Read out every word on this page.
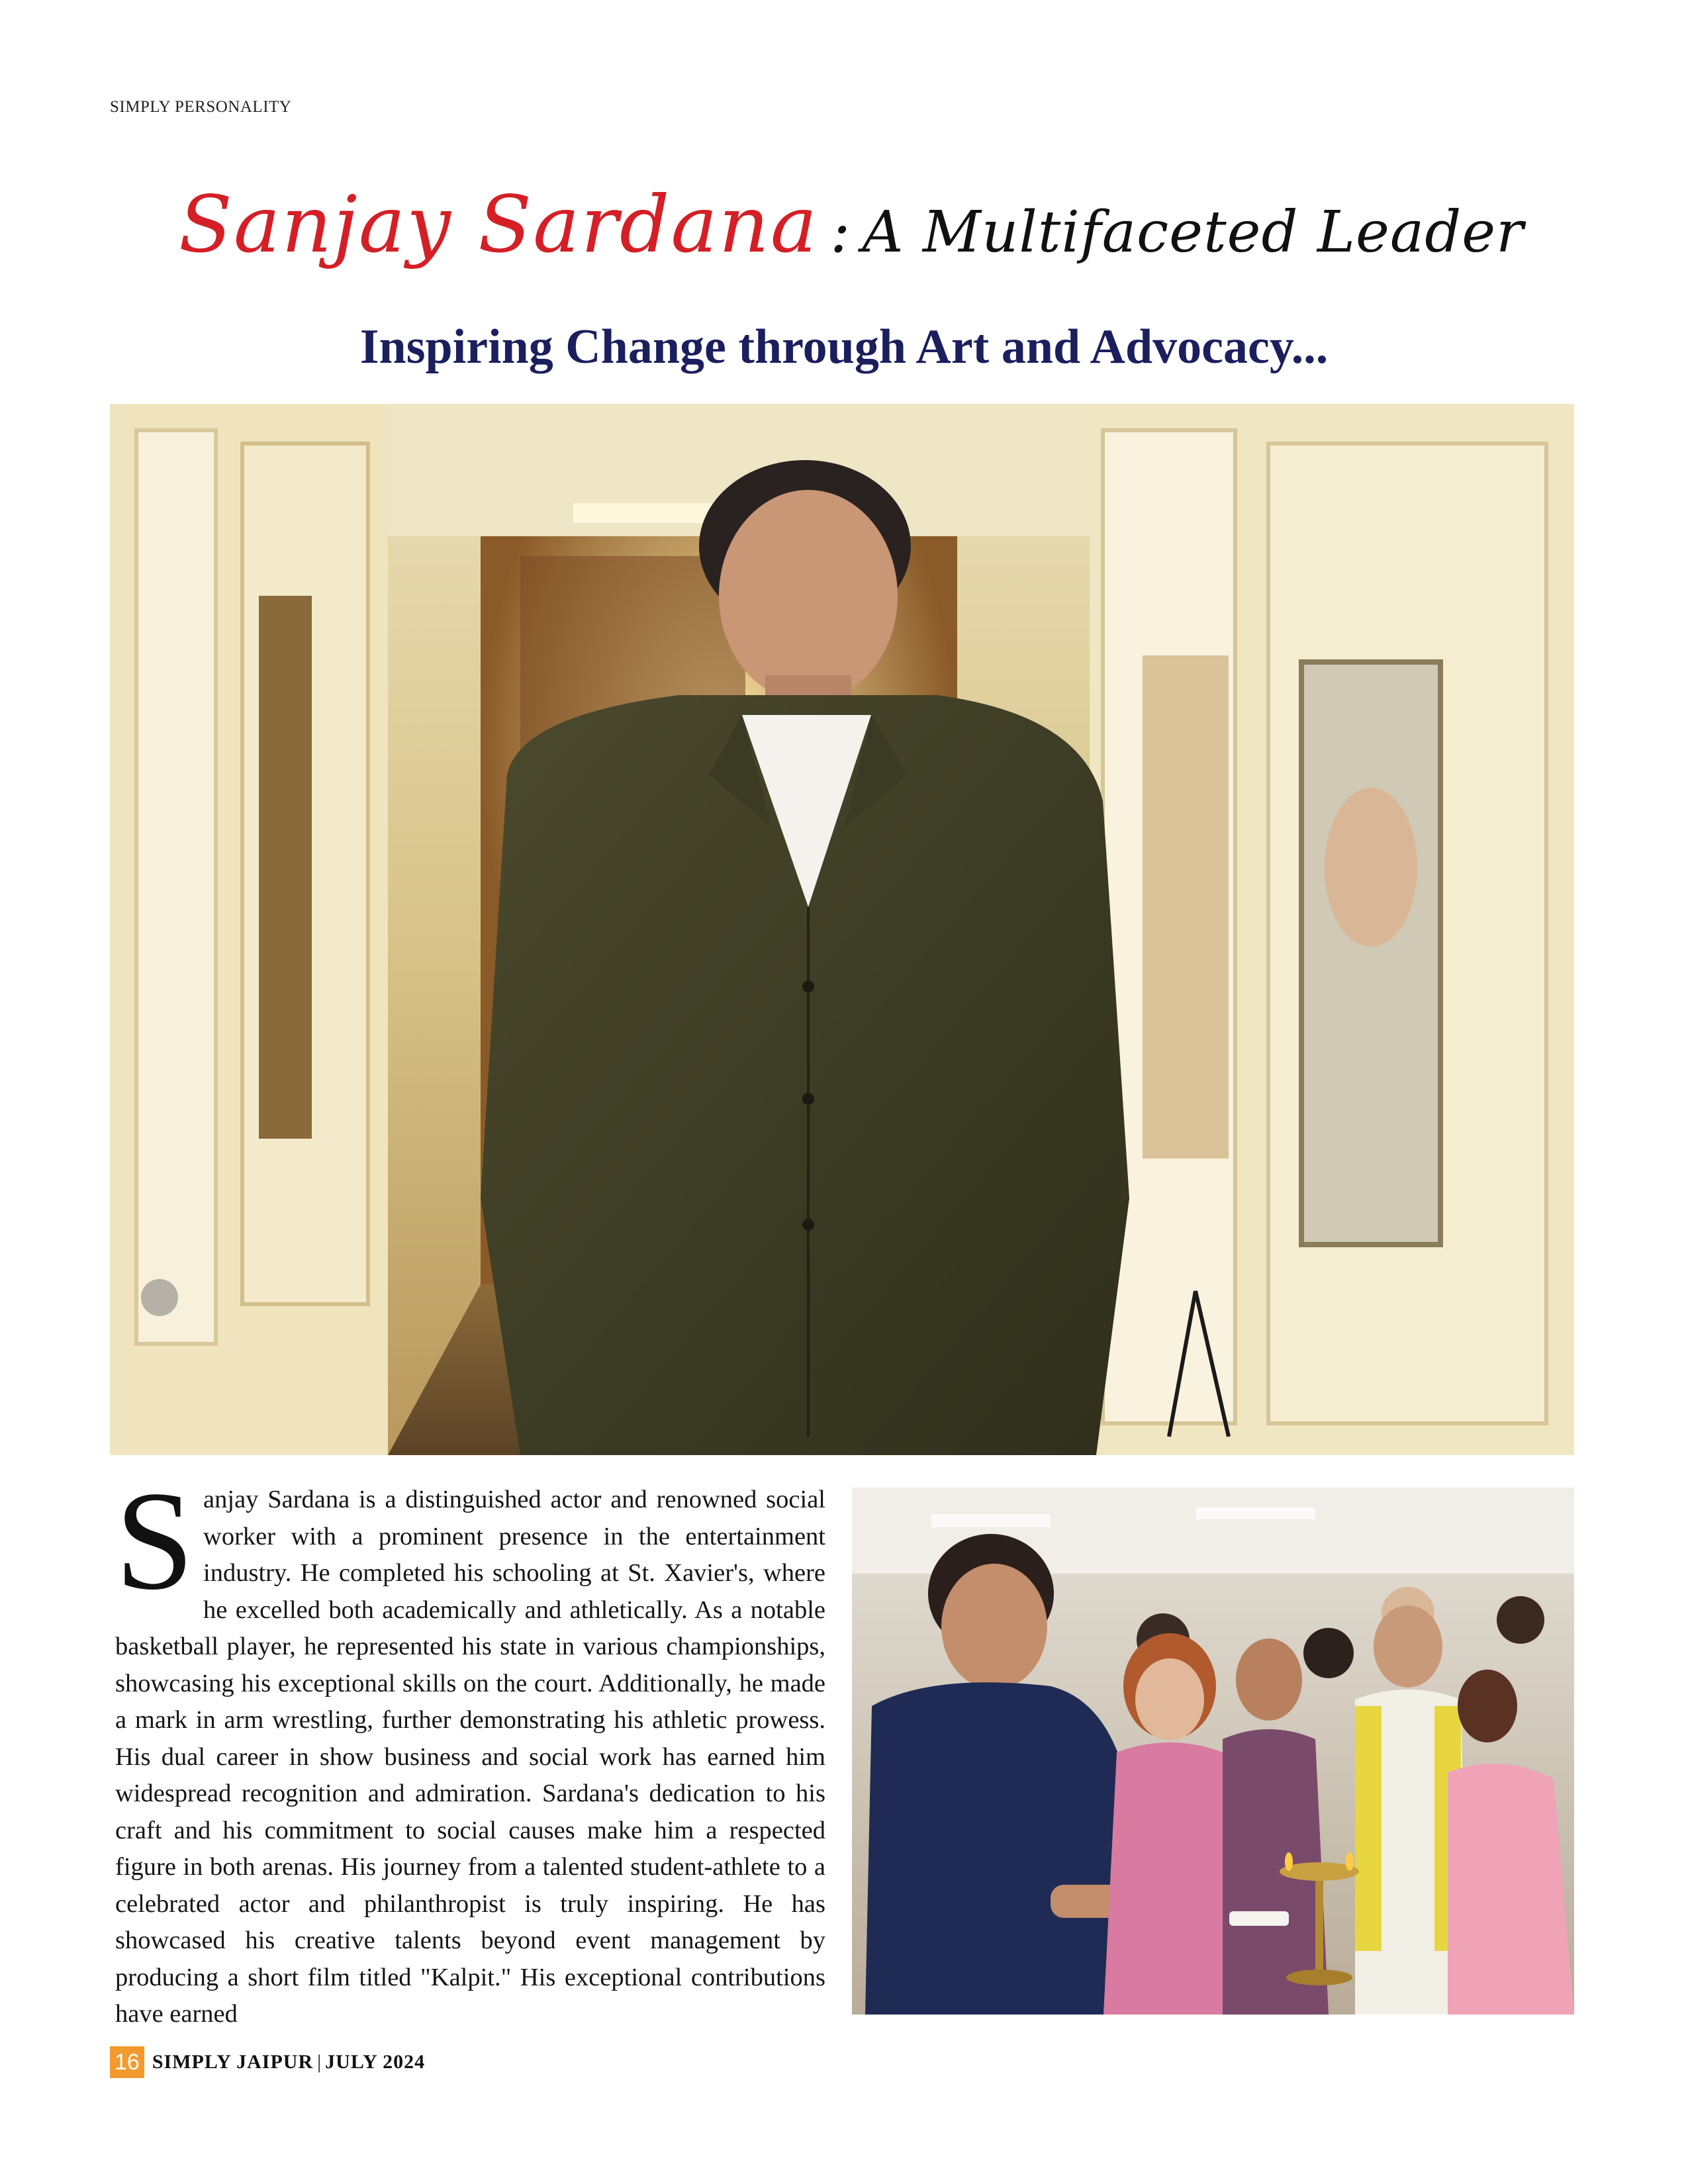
SIMPLY PERSONALITY
Sanjay Sardana : A Multifaceted Leader
Inspiring Change through Art and Advocacy...
Sanjay Sardana is a distinguished actor and renowned social worker with a prominent presence in the entertainment industry. He completed his schooling at St. Xavier's, where he excelled both academically and athletically. As a notable basketball player, he represented his state in various championships, showcasing his exceptional skills on the court. Additionally, he made a mark in arm wrestling, further demonstrating his athletic prowess. His dual career in show business and social work has earned him widespread recognition and admiration. Sardana's dedication to his craft and his commitment to social causes make him a respected figure in both arenas. His journey from a talented student-athlete to a celebrated actor and philanthropist is truly inspiring. He has showcased his creative talents beyond event management by producing a short film titled "Kalpit." His exceptional contributions have earned
16 SIMPLY JAIPUR | JULY 2024
